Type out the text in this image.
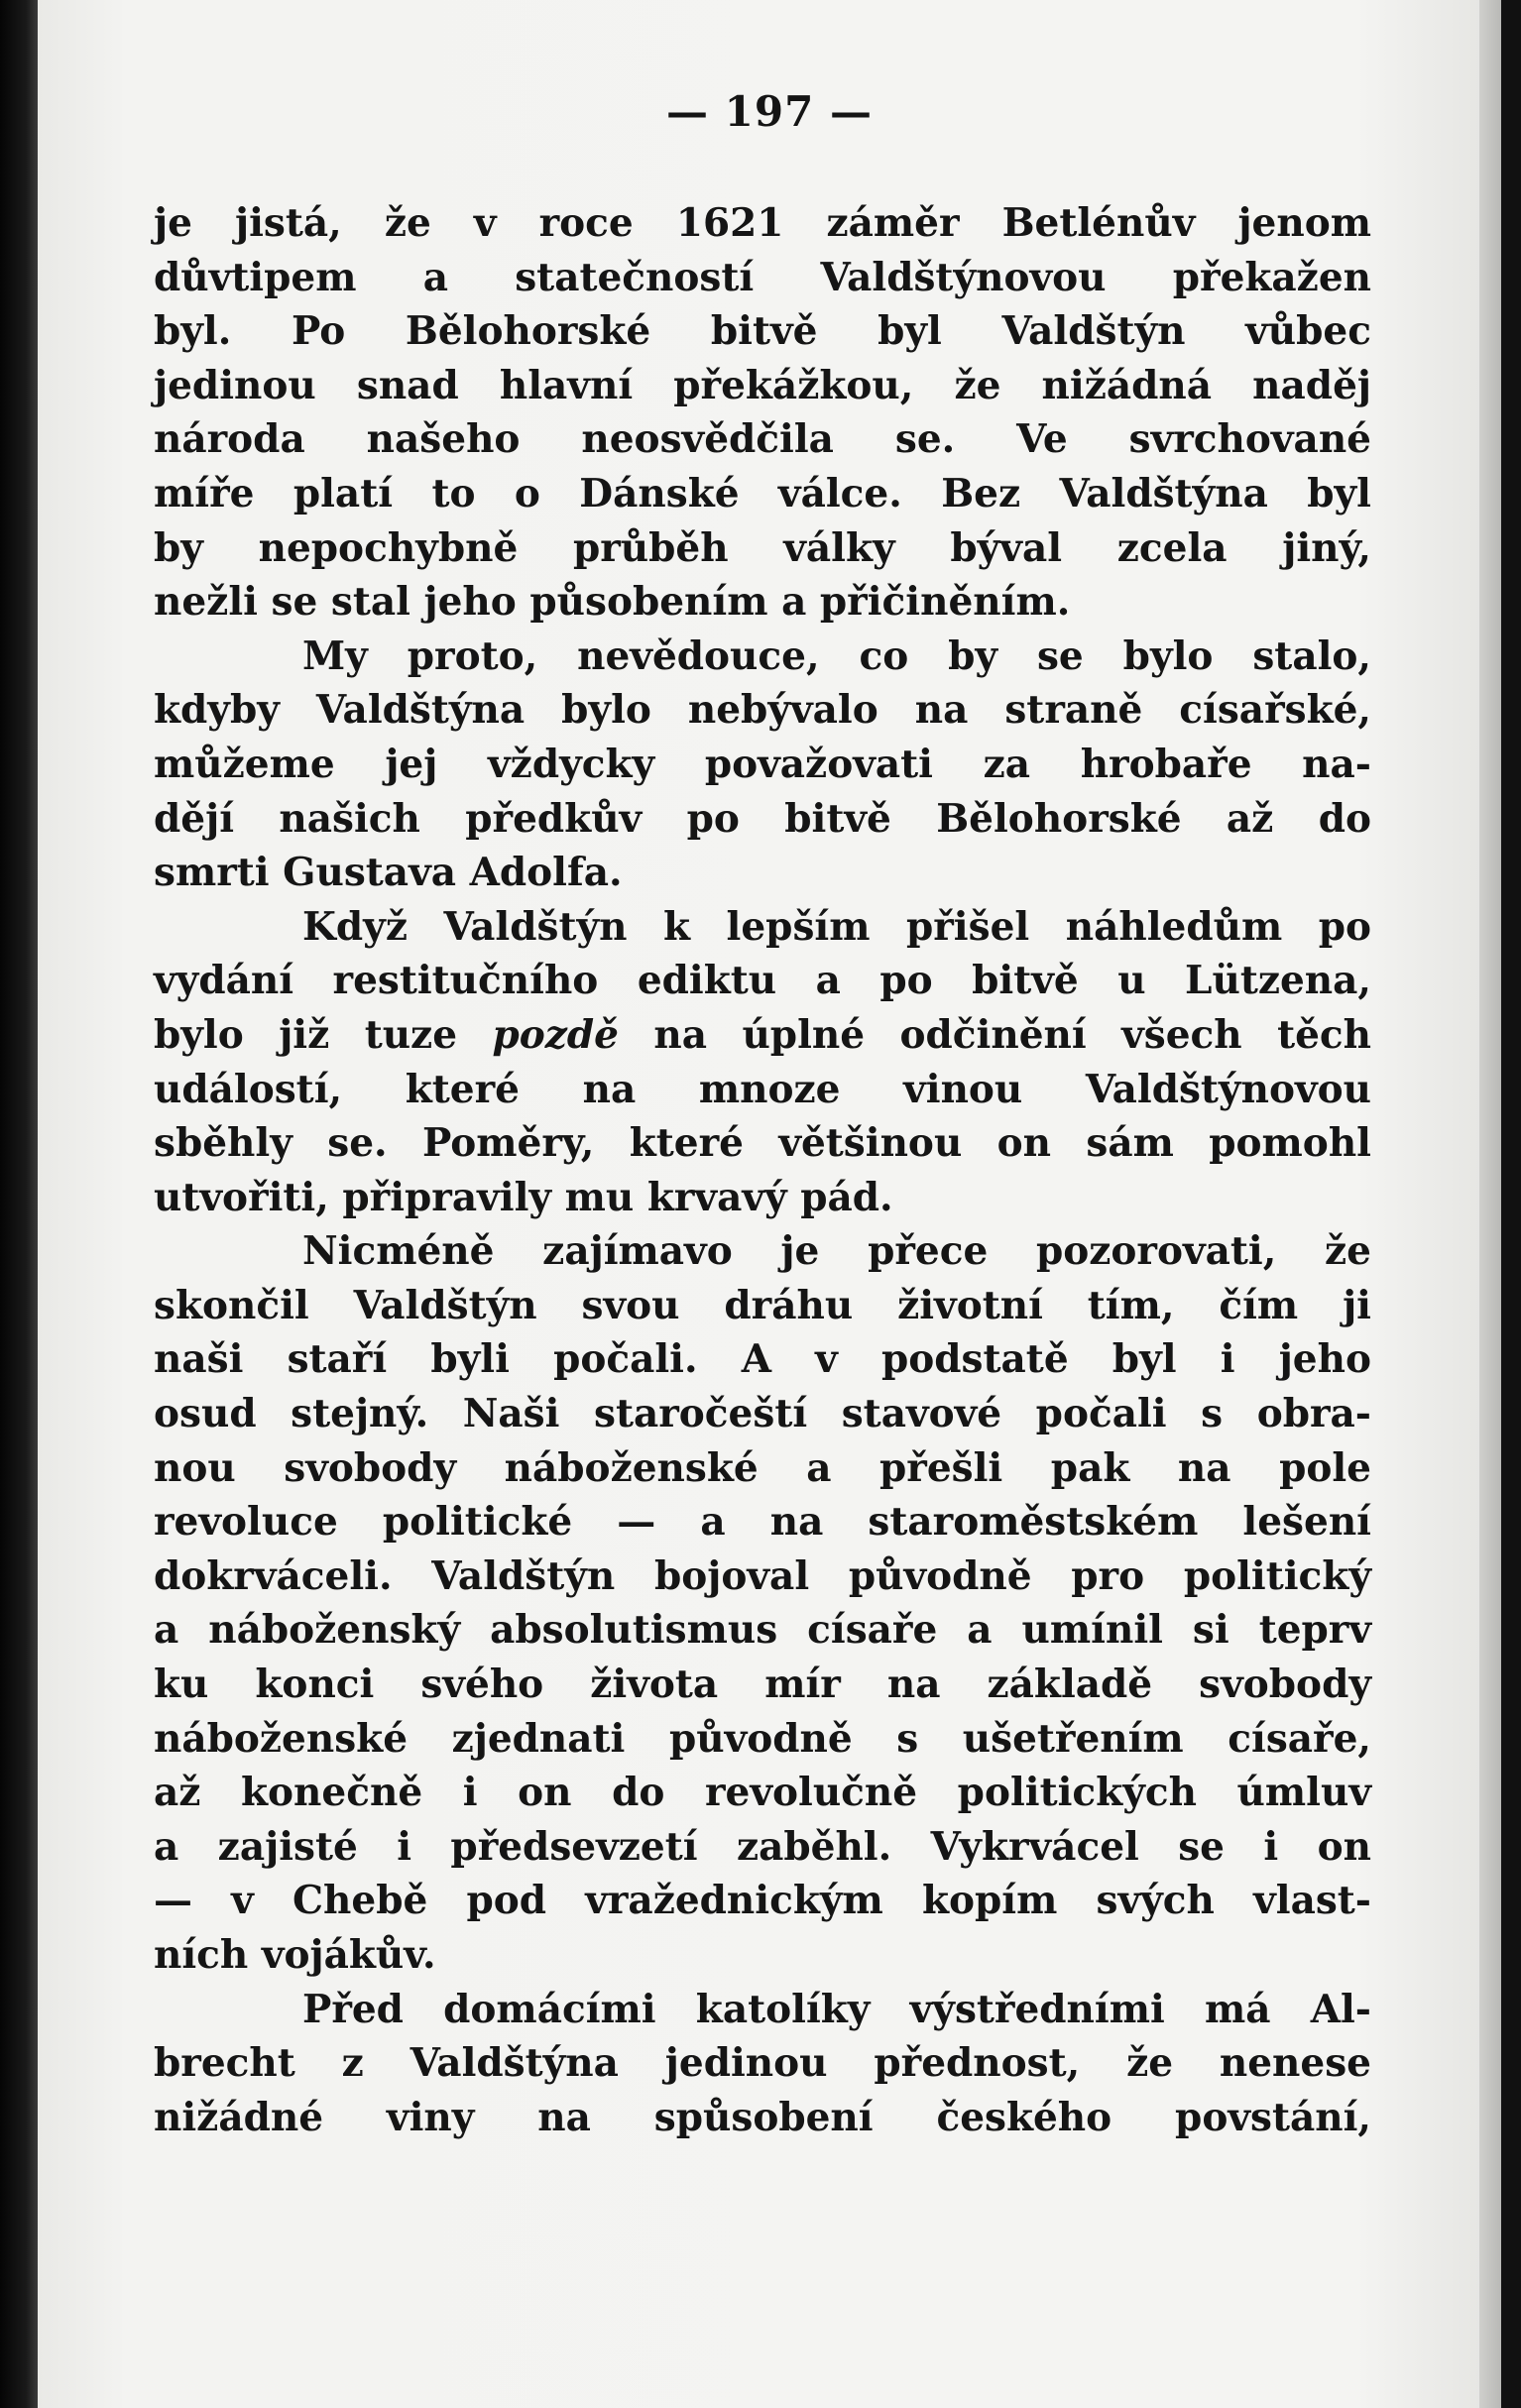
— 197 —
je jistá, že v roce 1621 záměr Betlénův jenom
důvtipem a statečností Valdštýnovou překažen
byl. Po Bělohorské bitvě byl Valdštýn vůbec
jedinou snad hlavní překážkou, že nižádná naděj
národa našeho neosvědčila se. Ve svrchované
míře platí to o Dánské válce. Bez Valdštýna byl
by nepochybně průběh války býval zcela jiný,
nežli se stal jeho působením a přičiněním.
My proto, nevědouce, co by se bylo stalo,
kdyby Valdštýna bylo nebývalo na straně císařské,
můžeme jej vždycky považovati za hrobaře na-
dějí našich předkův po bitvě Bělohorské až do
smrti Gustava Adolfa.
Když Valdštýn k lepším přišel náhledům po
vydání restitučního ediktu a po bitvě u Lützena,
bylo již tuze pozdě na úplné odčinění všech těch
událostí, které na mnoze vinou Valdštýnovou
sběhly se. Poměry, které většinou on sám pomohl
utvořiti, připravily mu krvavý pád.
Nicméně zajímavo je přece pozorovati, že
skončil Valdštýn svou dráhu životní tím, čím ji
naši staří byli počali. A v podstatě byl i jeho
osud stejný. Naši staročeští stavové počali s obra-
nou svobody náboženské a přešli pak na pole
revoluce politické — a na staroměstském lešení
dokrváceli. Valdštýn bojoval původně pro politický
a náboženský absolutismus císaře a umínil si teprv
ku konci svého života mír na základě svobody
náboženské zjednati původně s ušetřením císaře,
až konečně i on do revolučně politických úmluv
a zajisté i předsevzetí zaběhl. Vykrvácel se i on
— v Chebě pod vražednickým kopím svých vlast-
ních vojákův.
Před domácími katolíky výstředními má Al-
brecht z Valdštýna jedinou přednost, že nenese
nižádné viny na spůsobení českého povstání,
